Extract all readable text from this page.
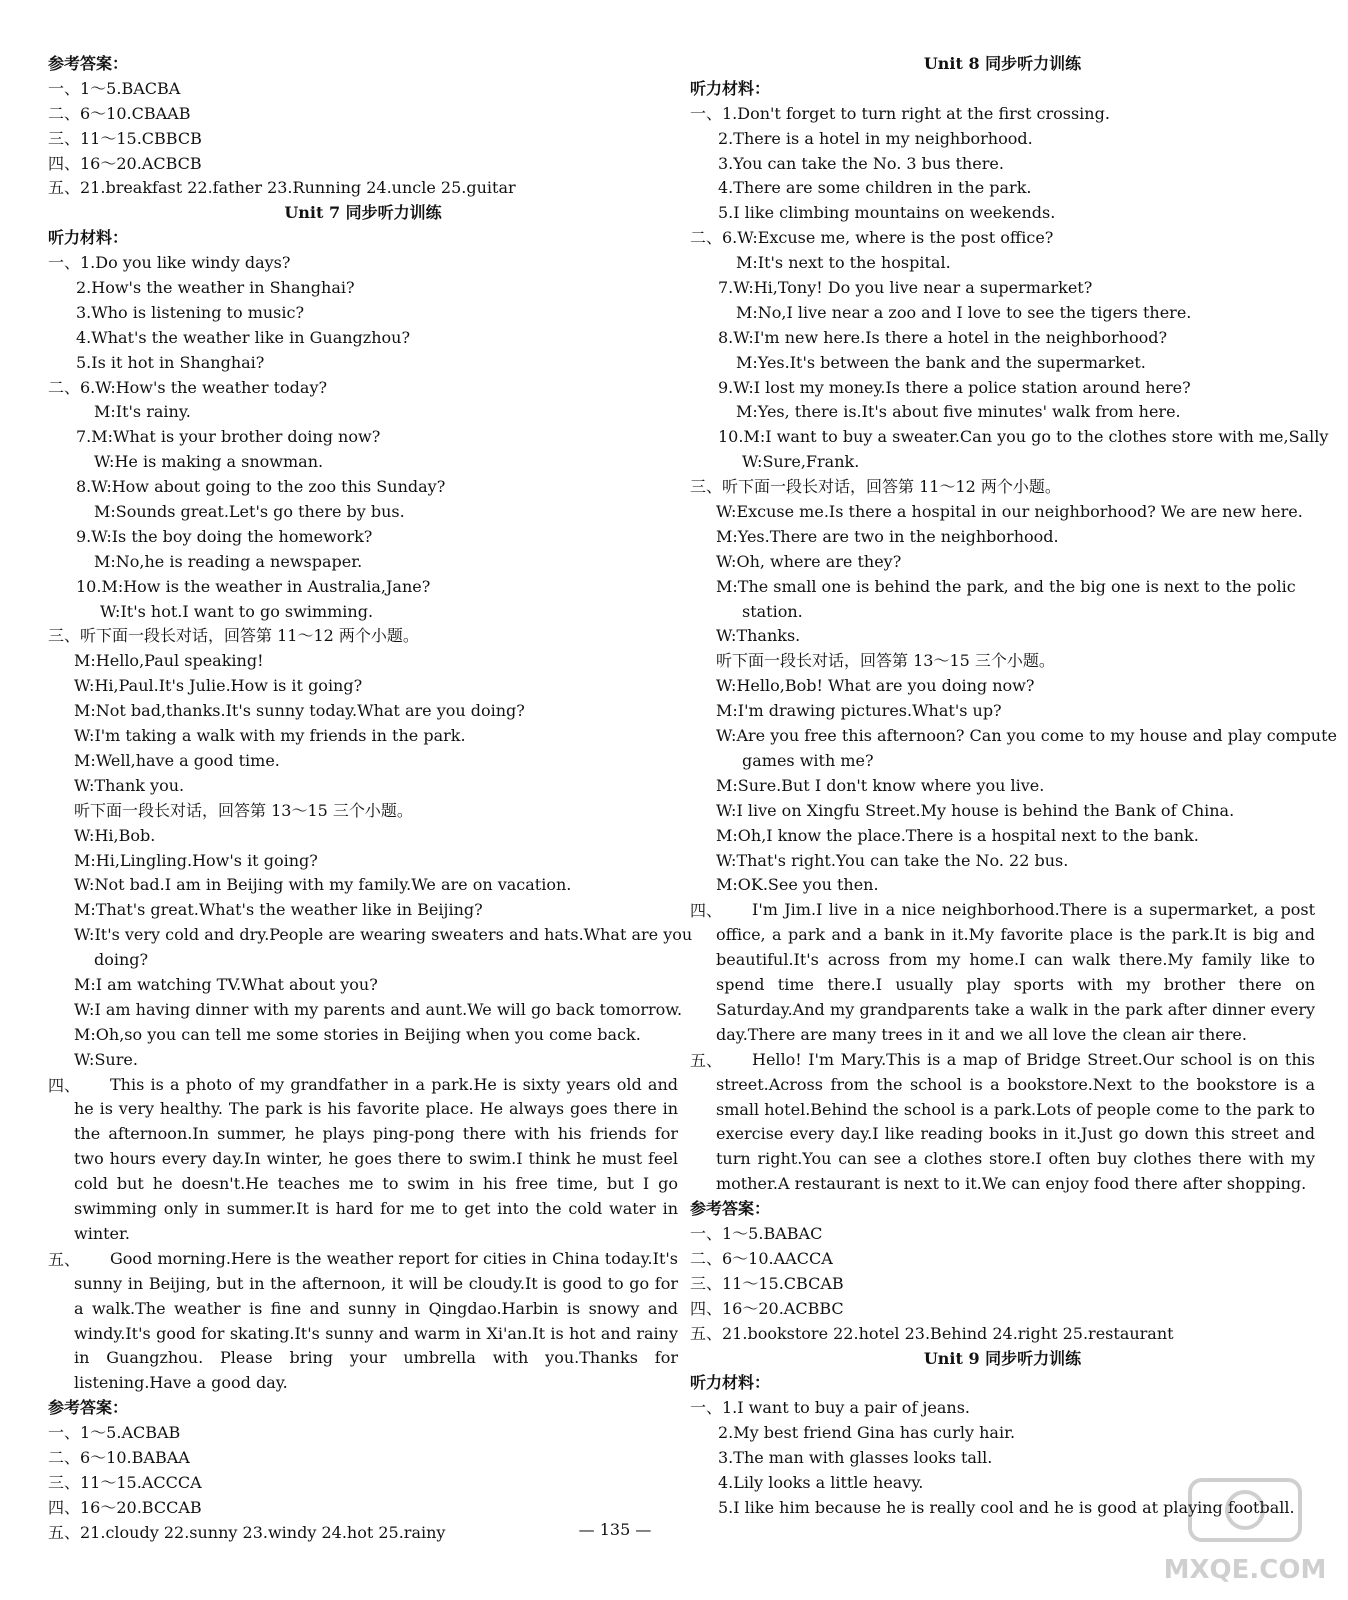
参考答案：
一、1～5.BACBA
二、6～10.CBAAB
三、11～15.CBBCB
四、16～20.ACBCB
五、21.breakfast 22.father 23.Running 24.uncle 25.guitar
Unit 7 同步听力训练
听力材料：
一、1.Do you like windy days?
2.How's the weather in Shanghai?
3.Who is listening to music?
4.What's the weather like in Guangzhou?
5.Is it hot in Shanghai?
二、6.W:How's the weather today?
M:It's rainy.
7.M:What is your brother doing now?
W:He is making a snowman.
8.W:How about going to the zoo this Sunday?
M:Sounds great.Let's go there by bus.
9.W:Is the boy doing the homework?
M:No,he is reading a newspaper.
10.M:How is the weather in Australia,Jane?
W:It's hot.I want to go swimming.
三、听下面一段长对话，回答第 11～12 两个小题。
M:Hello,Paul speaking!
W:Hi,Paul.It's Julie.How is it going?
M:Not bad,thanks.It's sunny today.What are you doing?
W:I'm taking a walk with my friends in the park.
M:Well,have a good time.
W:Thank you.
听下面一段长对话，回答第 13～15 三个小题。
W:Hi,Bob.
M:Hi,Lingling.How's it going?
W:Not bad.I am in Beijing with my family.We are on vacation.
M:That's great.What's the weather like in Beijing?
W:It's very cold and dry.People are wearing sweaters and hats.What are you
doing?
M:I am watching TV.What about you?
W:I am having dinner with my parents and aunt.We will go back tomorrow.
M:Oh,so you can tell me some stories in Beijing when you come back.
W:Sure.
四、	This is a photo of my grandfather in a park.He is sixty years old and he is very healthy. The park is his favorite place. He always goes there in the afternoon.In summer, he plays ping-pong there with his friends for two hours every day.In winter, he goes there to swim.I think he must feel cold but he doesn't.He teaches me to swim in his free time, but I go swimming only in summer.It is hard for me to get into the cold water in winter.
五、	Good morning.Here is the weather report for cities in China today.It's sunny in Beijing, but in the afternoon, it will be cloudy.It is good to go for a walk.The weather is fine and sunny in Qingdao.Harbin is snowy and windy.It's good for skating.It's sunny and warm in Xi'an.It is hot and rainy in Guangzhou. Please bring your umbrella with you.Thanks for listening.Have a good day.
参考答案：
一、1～5.ACBAB
二、6～10.BABAA
三、11～15.ACCCA
四、16～20.BCCAB
五、21.cloudy 22.sunny 23.windy 24.hot 25.rainy
Unit 8 同步听力训练
听力材料：
一、1.Don't forget to turn right at the first crossing.
2.There is a hotel in my neighborhood.
3.You can take the No. 3 bus there.
4.There are some children in the park.
5.I like climbing mountains on weekends.
二、6.W:Excuse me, where is the post office?
M:It's next to the hospital.
7.W:Hi,Tony! Do you live near a supermarket?
M:No,I live near a zoo and I love to see the tigers there.
8.W:I'm new here.Is there a hotel in the neighborhood?
M:Yes.It's between the bank and the supermarket.
9.W:I lost my money.Is there a police station around here?
M:Yes, there is.It's about five minutes' walk from here.
10.M:I want to buy a sweater.Can you go to the clothes store with me,Sally
W:Sure,Frank.
三、听下面一段长对话，回答第 11～12 两个小题。
W:Excuse me.Is there a hospital in our neighborhood? We are new here.
M:Yes.There are two in the neighborhood.
W:Oh, where are they?
M:The small one is behind the park, and the big one is next to the polic
station.
W:Thanks.
听下面一段长对话，回答第 13～15 三个小题。
W:Hello,Bob! What are you doing now?
M:I'm drawing pictures.What's up?
W:Are you free this afternoon? Can you come to my house and play compute
games with me?
M:Sure.But I don't know where you live.
W:I live on Xingfu Street.My house is behind the Bank of China.
M:Oh,I know the place.There is a hospital next to the bank.
W:That's right.You can take the No. 22 bus.
M:OK.See you then.
四、	I'm Jim.I live in a nice neighborhood.There is a supermarket, a post office, a park and a bank in it.My favorite place is the park.It is big and beautiful.It's across from my home.I can walk there.My family like to spend time there.I usually play sports with my brother there on Saturday.And my grandparents take a walk in the park after dinner every day.There are many trees in it and we all love the clean air there.
五、	Hello! I'm Mary.This is a map of Bridge Street.Our school is on this street.Across from the school is a bookstore.Next to the bookstore is a small hotel.Behind the school is a park.Lots of people come to the park to exercise every day.I like reading books in it.Just go down this street and turn right.You can see a clothes store.I often buy clothes there with my mother.A restaurant is next to it.We can enjoy food there after shopping.
参考答案：
一、1～5.BABAC
二、6～10.AACCA
三、11～15.CBCAB
四、16～20.ACBBC
五、21.bookstore 22.hotel 23.Behind 24.right 25.restaurant
Unit 9 同步听力训练
听力材料：
一、1.I want to buy a pair of jeans.
2.My best friend Gina has curly hair.
3.The man with glasses looks tall.
4.Lily looks a little heavy.
5.I like him because he is really cool and he is good at playing football.
— 135 —
MXQE.COM
